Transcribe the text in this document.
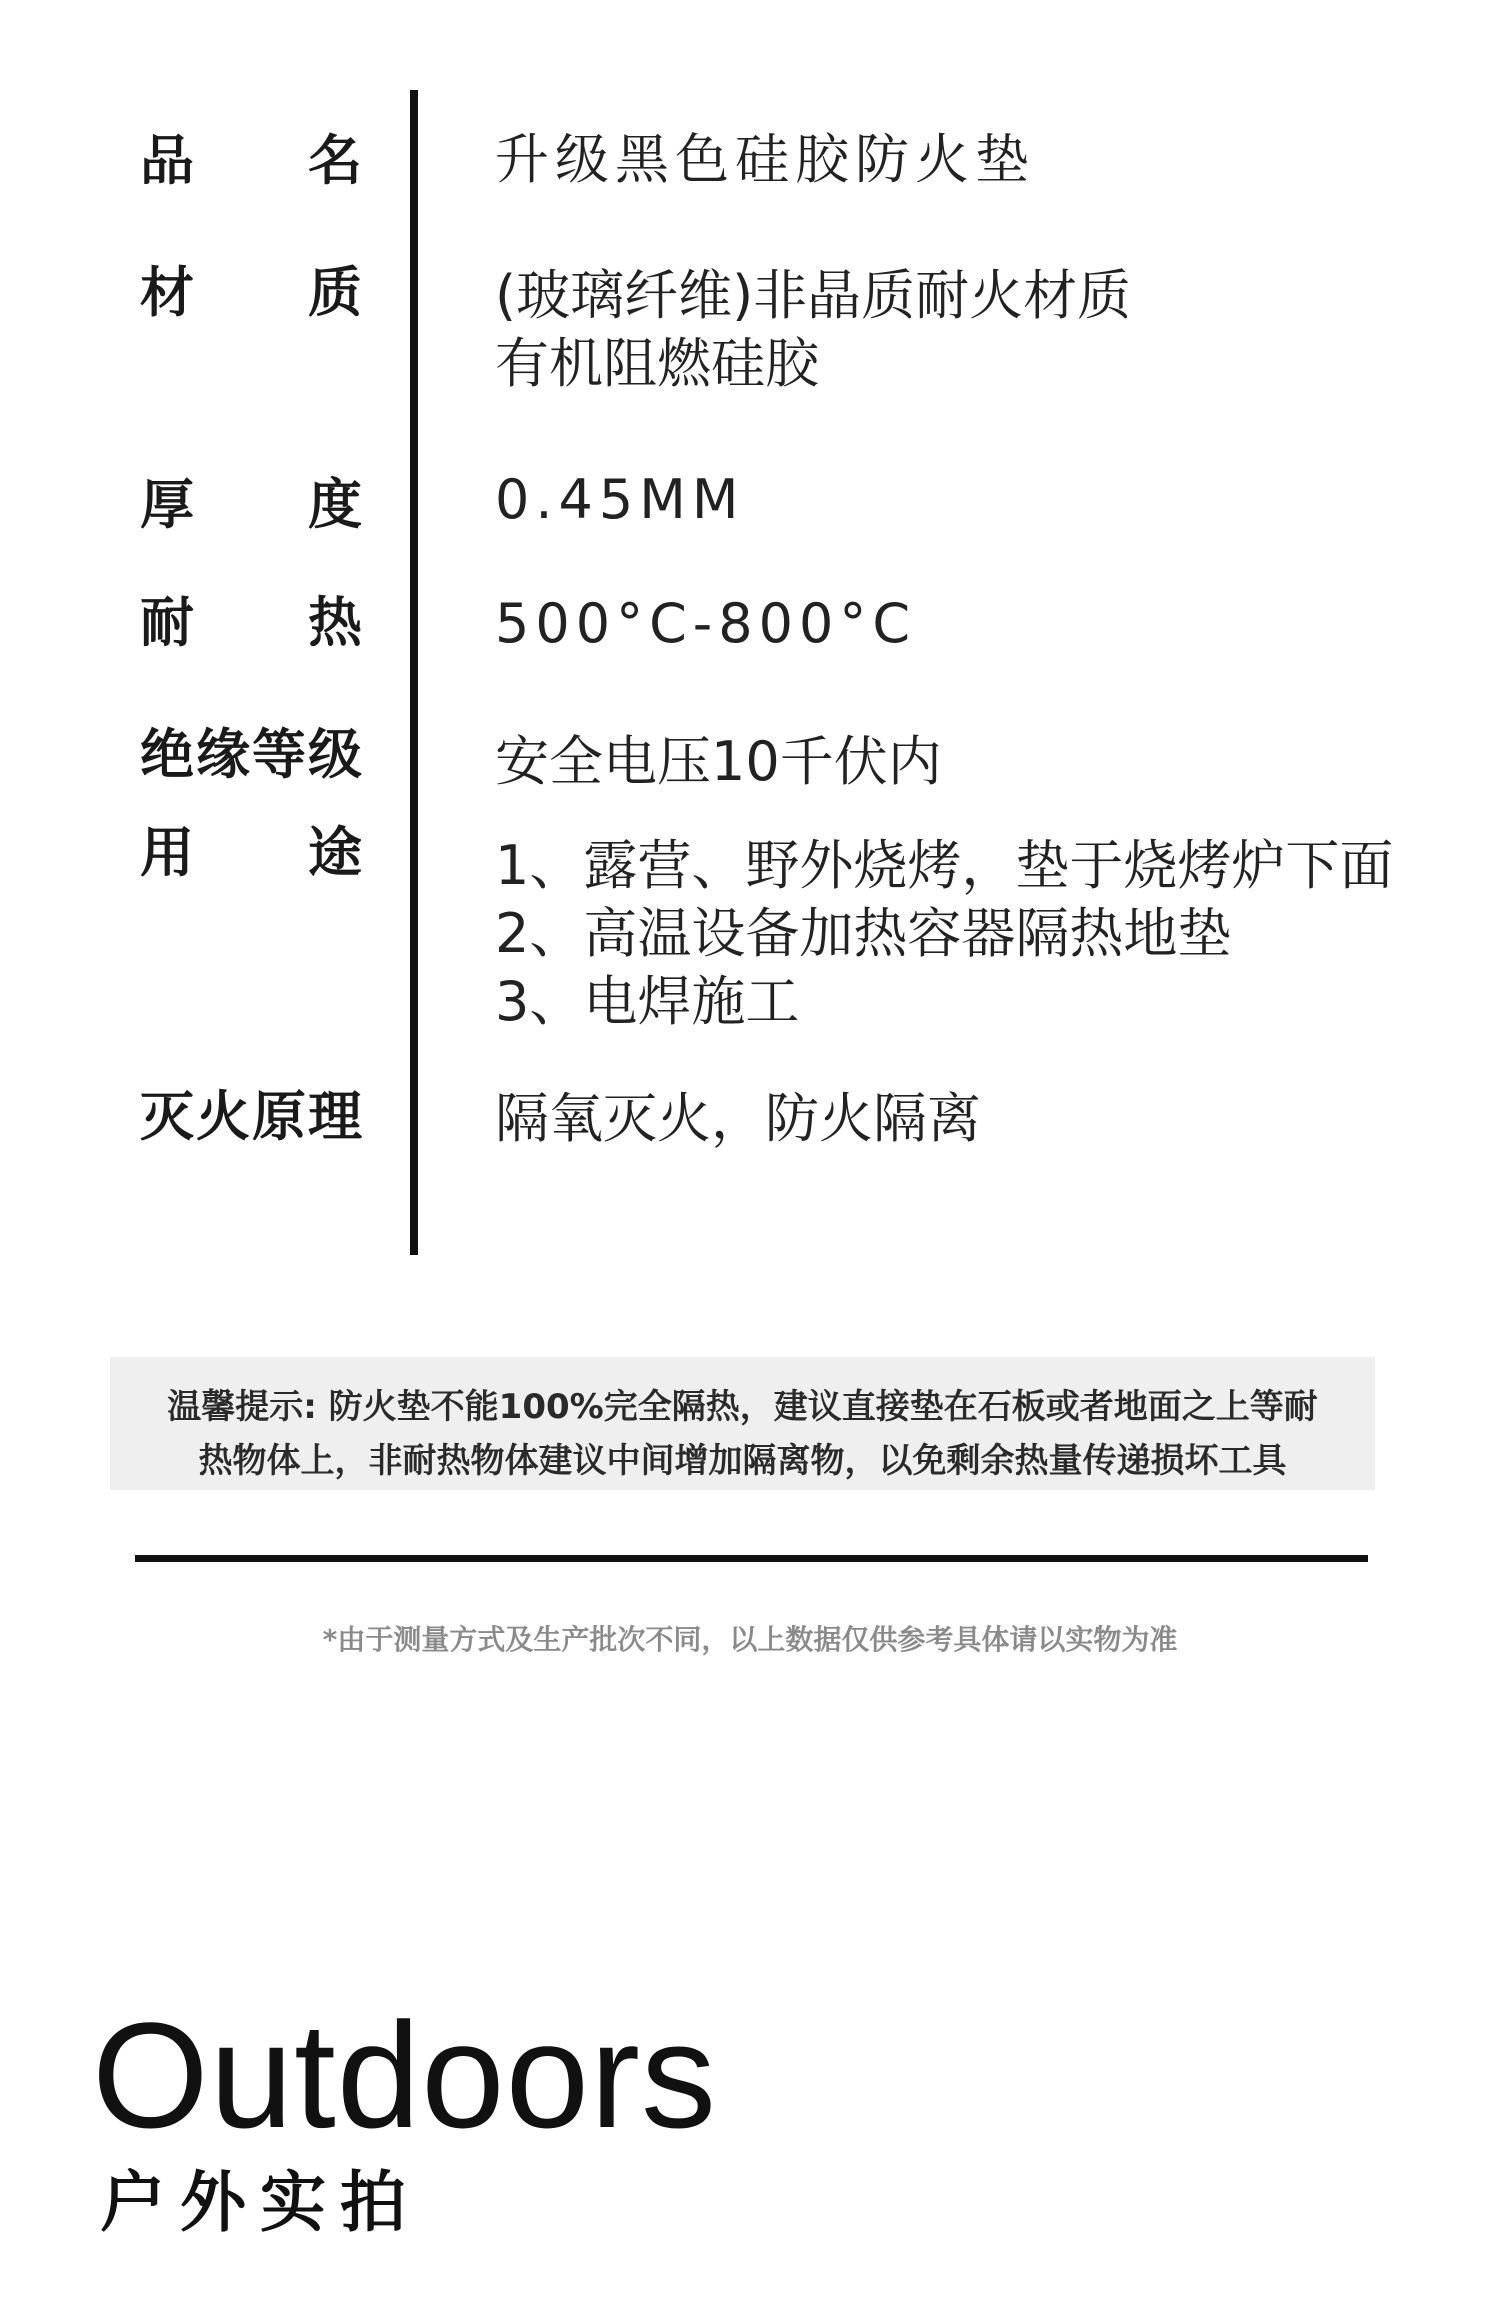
品名 升级黑色硅胶防火垫
材质 (玻璃纤维)非晶质耐火材质
有机阻燃硅胶
厚度 0.45MM
耐热 500°C-800°C
绝缘等级 安全电压10千伏内
用途 1、露营、野外烧烤，垫于烧烤炉下面
2、高温设备加热容器隔热地垫
3、电焊施工
灭火原理 隔氧灭火，防火隔离
温馨提示: 防火垫不能100%完全隔热，建议直接垫在石板或者地面之上等耐
热物体上，非耐热物体建议中间增加隔离物，以免剩余热量传递损坏工具
*由于测量方式及生产批次不同，以上数据仅供参考具体请以实物为准
Outdoors
户外实拍
